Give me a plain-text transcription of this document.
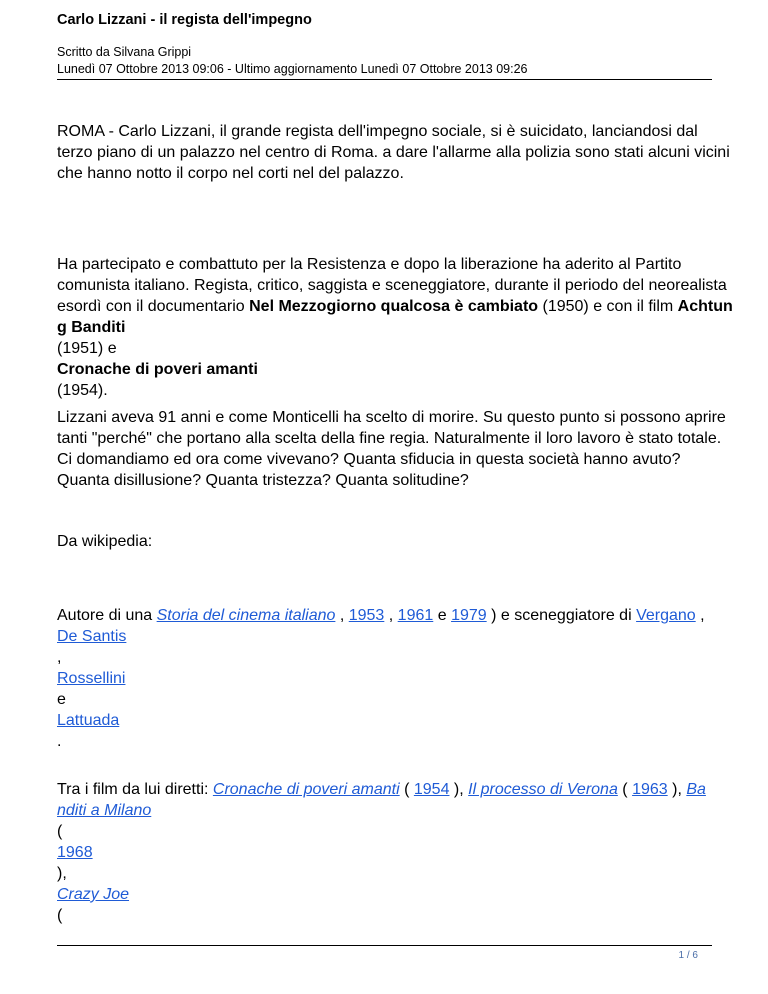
Carlo Lizzani - il regista dell'impegno
Scritto da Silvana Grippi
Lunedì 07 Ottobre 2013 09:06 - Ultimo aggiornamento Lunedì 07 Ottobre 2013 09:26
ROMA - Carlo Lizzani, il grande regista dell'impegno sociale, si è suicidato, lanciandosi dal
terzo piano di un palazzo nel centro di Roma. a dare l'allarme alla polizia sono stati alcuni vicini
che hanno notto il corpo nel corti nel del palazzo.
Ha partecipato e combattuto per la Resistenza e dopo la liberazione ha aderito al Partito
comunista italiano. Regista, critico, saggista e sceneggiatore, durante il periodo del neorealista
esordì con il documentario Nel Mezzogiorno qualcosa è cambiato (1950) e con il film Achtun
g Banditi
(1951) e
Cronache di poveri amanti
(1954).
Lizzani aveva 91 anni e come Monticelli ha scelto di morire. Su questo punto si possono aprire
tanti "perché" che portano alla scelta della fine regia. Naturalmente il loro lavoro è stato totale.
Ci domandiamo ed ora come vivevano? Quanta sfiducia in questa società hanno avuto?
Quanta disillusione? Quanta tristezza? Quanta solitudine?
Da wikipedia:
Autore di una Storia del cinema italiano , 1953 , 1961 e 1979 ) e sceneggiatore di Vergano ,
De Santis
,
Rossellini
e
Lattuada
.
Tra i film da lui diretti: Cronache di poveri amanti ( 1954 ), Il processo di Verona ( 1963 ), Ba
nditi a Milano
(
1968
),
Crazy Joe
(
1 / 6
